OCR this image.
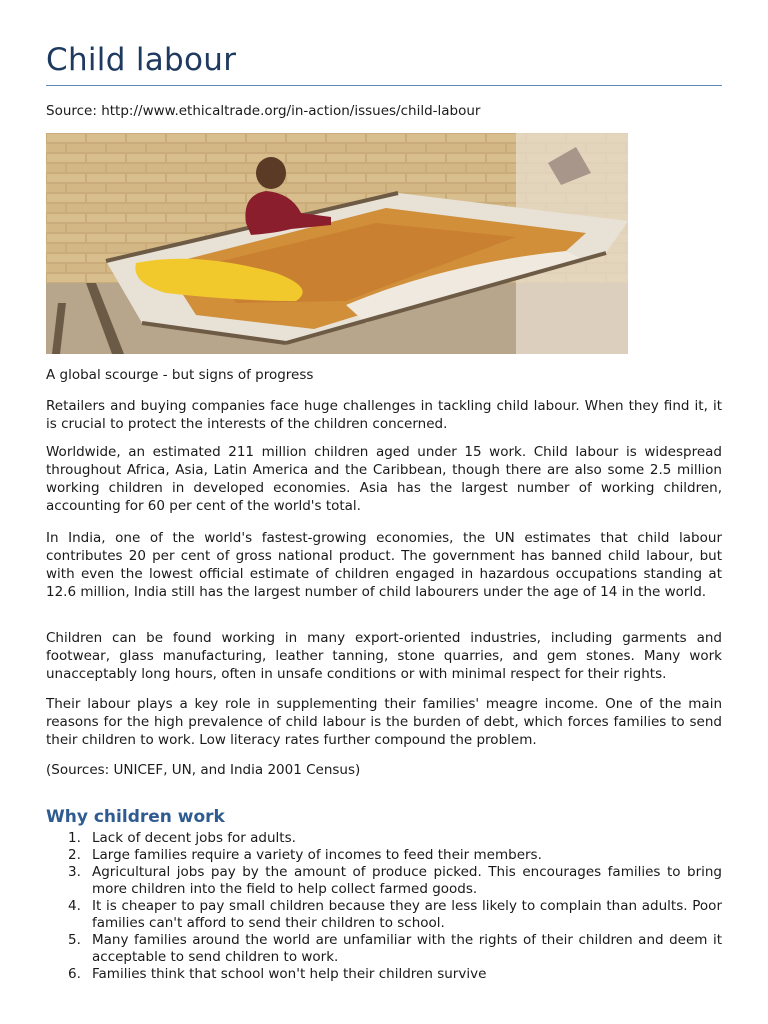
Child labour
Source: http://www.ethicaltrade.org/in-action/issues/child-labour

A global scourge - but signs of progress

Retailers and buying companies face huge challenges in tackling child labour. When they find it, it is crucial to protect the interests of the children concerned.

Worldwide, an estimated 211 million children aged under 15 work. Child labour is widespread throughout Africa, Asia, Latin America and the Caribbean, though there are also some 2.5 million working children in developed economies. Asia has the largest number of working children, accounting for 60 per cent of the world's total.

In India, one of the world's fastest-growing economies, the UN estimates that child labour contributes 20 per cent of gross national product. The government has banned child labour, but with even the lowest official estimate of children engaged in hazardous occupations standing at 12.6 million, India still has the largest number of child labourers under the age of 14 in the world.

Children can be found working in many export-oriented industries, including garments and footwear, glass manufacturing, leather tanning, stone quarries, and gem stones. Many work unacceptably long hours, often in unsafe conditions or with minimal respect for their rights.

Their labour plays a key role in supplementing their families' meagre income. One of the main reasons for the high prevalence of child labour is the burden of debt, which forces families to send their children to work. Low literacy rates further compound the problem.

(Sources: UNICEF, UN, and India 2001 Census)

Why children work
1. Lack of decent jobs for adults.
2. Large families require a variety of incomes to feed their members.
3. Agricultural jobs pay by the amount of produce picked. This encourages families to bring more children into the field to help collect farmed goods.
4. It is cheaper to pay small children because they are less likely to complain than adults. Poor families can't afford to send their children to school.
5. Many families around the world are unfamiliar with the rights of their children and deem it acceptable to send children to work.
6. Families think that school won't help their children survive
